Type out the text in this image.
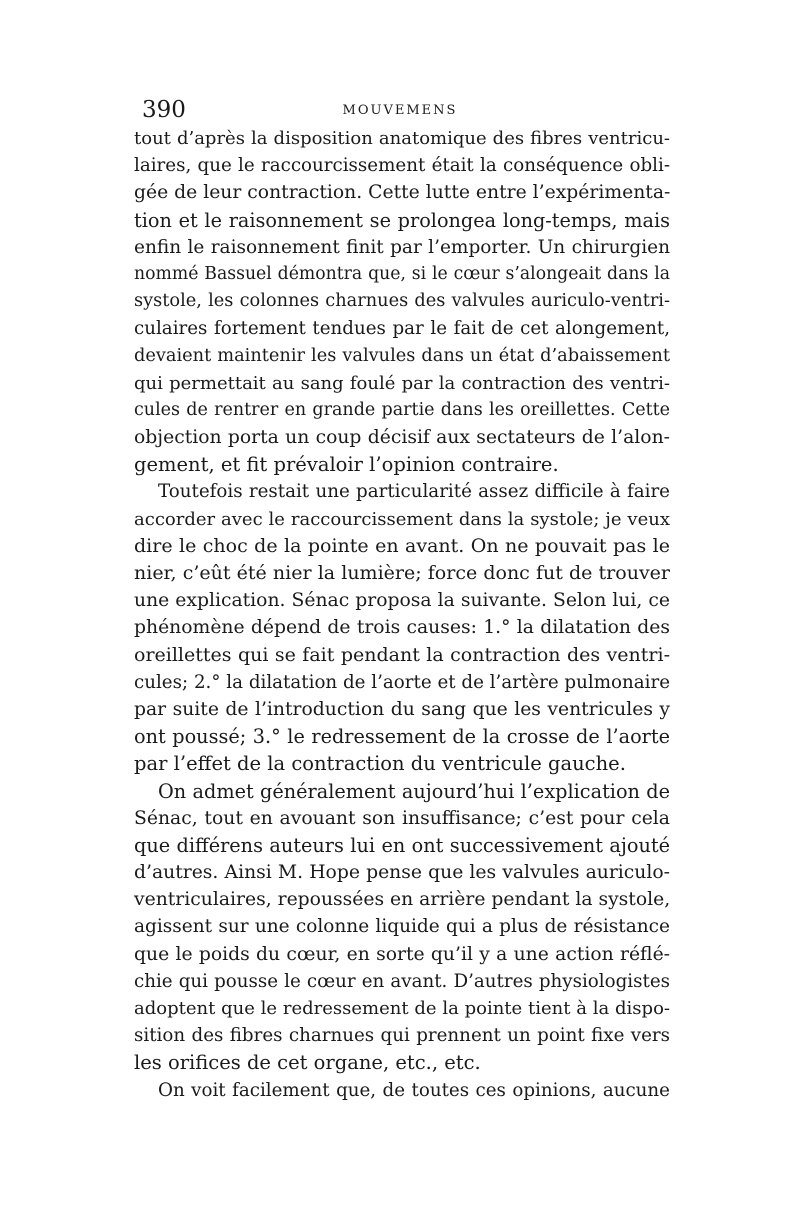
390	MOUVEMENS
tout d’après la disposition anatomique des fibres ventricu-
laires, que le raccourcissement était la conséquence obli-
gée de leur contraction. Cette lutte entre l’expérimenta-
tion et le raisonnement se prolongea long-temps, mais
enfin le raisonnement finit par l’emporter. Un chirurgien
nommé Bassuel démontra que, si le cœur s’alongeait dans la
systole, les colonnes charnues des valvules auriculo-ventri-
culaires fortement tendues par le fait de cet alongement,
devaient maintenir les valvules dans un état d’abaissement
qui permettait au sang foulé par la contraction des ventri-
cules de rentrer en grande partie dans les oreillettes. Cette
objection porta un coup décisif aux sectateurs de l’alon-
gement, et fit prévaloir l’opinion contraire.
Toutefois restait une particularité assez difficile à faire
accorder avec le raccourcissement dans la systole; je veux
dire le choc de la pointe en avant. On ne pouvait pas le
nier, c’eût été nier la lumière; force donc fut de trouver
une explication. Sénac proposa la suivante. Selon lui, ce
phénomène dépend de trois causes: 1.° la dilatation des
oreillettes qui se fait pendant la contraction des ventri-
cules; 2.° la dilatation de l’aorte et de l’artère pulmonaire
par suite de l’introduction du sang que les ventricules y
ont poussé; 3.° le redressement de la crosse de l’aorte
par l’effet de la contraction du ventricule gauche.
On admet généralement aujourd’hui l’explication de
Sénac, tout en avouant son insuffisance; c’est pour cela
que différens auteurs lui en ont successivement ajouté
d’autres. Ainsi M. Hope pense que les valvules auriculo-
ventriculaires, repoussées en arrière pendant la systole,
agissent sur une colonne liquide qui a plus de résistance
que le poids du cœur, en sorte qu’il y a une action réflé-
chie qui pousse le cœur en avant. D’autres physiologistes
adoptent que le redressement de la pointe tient à la dispo-
sition des fibres charnues qui prennent un point fixe vers
les orifices de cet organe, etc., etc.
On voit facilement que, de toutes ces opinions, aucune
